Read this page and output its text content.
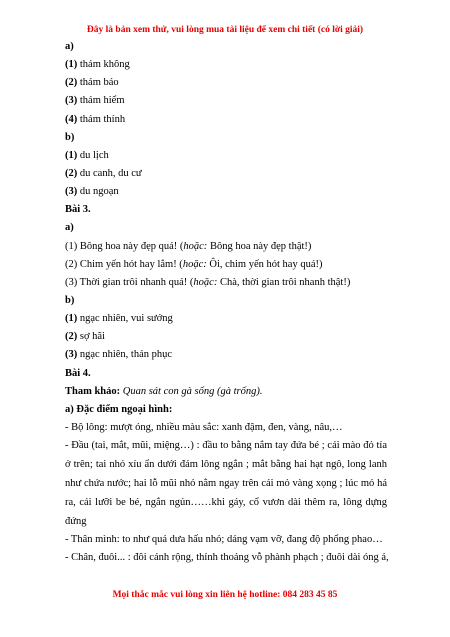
Đây là bản xem thử, vui lòng mua tài liệu để xem chi tiết (có lời giải)
a)
(1) thám không
(2) thám báo
(3) thám hiểm
(4) thám thính
b)
(1) du lịch
(2) du canh, du cư
(3) du ngoạn
Bài 3.
a)
(1) Bông hoa này đẹp quá! (hoặc: Bông hoa này đẹp thật!)
(2) Chim yến hót hay lắm! (hoặc: Ôi, chim yến hót hay quá!)
(3) Thời gian trôi nhanh quá! (hoặc: Chà, thời gian trôi nhanh thật!)
b)
(1) ngạc nhiên, vui sướng
(2) sợ hãi
(3) ngạc nhiên, thán phục
Bài 4.
Tham khảo: Quan sát con gà sống (gà trống).
a) Đặc điểm ngoại hình:
- Bộ lông: mượt óng, nhiều màu sắc: xanh đậm, đen, vàng, nâu,…
- Đầu (tai, mắt, mũi, miệng…) : đầu to bằng nắm tay đứa bé ; cái mào đỏ tía
ở trên; tai nhỏ xíu ẩn dưới đám lông ngắn ; mắt bằng hai hạt ngô, long lanh
như chứa nước; hai lỗ mũi nhỏ nằm ngay trên cái mỏ vàng xọng ; lúc mỏ há
ra, cái lưỡi be bé, ngắn ngủn……khi gáy, cổ vươn dài thêm ra, lông dựng
đứng
- Thân mình: to như quả dưa hấu nhỏ; dáng vạm vỡ, đang độ phổng phao…
- Chân, đuôi... : đôi cánh rộng, thỉnh thoảng vỗ phành phạch ; đuôi dài óng ả,
Mọi thắc mắc vui lòng xin liên hệ hotline: 084 283 45 85
